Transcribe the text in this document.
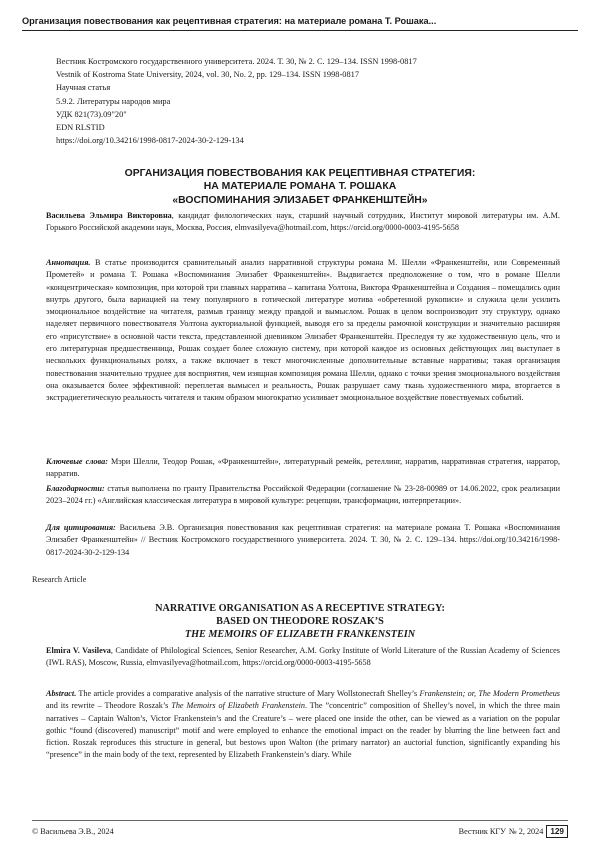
Организация повествования как рецептивная стратегия: на материале романа Т. Рошака...
Вестник Костромского государственного университета. 2024. Т. 30, № 2. С. 129–134. ISSN 1998-0817
Vestnik of Kostroma State University, 2024, vol. 30, No. 2, pp. 129–134. ISSN 1998-0817
Научная статья
5.9.2. Литературы народов мира
УДК 821(73).09"20"
EDN RLSTID
https://doi.org/10.34216/1998-0817-2024-30-2-129-134
ОРГАНИЗАЦИЯ ПОВЕСТВОВАНИЯ КАК РЕЦЕПТИВНАЯ СТРАТЕГИЯ:
НА МАТЕРИАЛЕ РОМАНА Т. РОШАКА
«ВОСПОМИНАНИЯ ЭЛИЗАБЕТ ФРАНКЕНШТЕЙН»

Васильева Эльмира Викторовна, кандидат филологических наук, старший научный сотрудник, Институт мировой литературы им. А.М. Горького Российской академии наук, Москва, Россия, elmvasilyeva@hotmail.com, https://orcid.org/0000-0003-4195-5658

Аннотация. В статье производится сравнительный анализ нарративной структуры романа М. Шелли «Франкенштейн, или Современный Прометей» и романа Т. Рошака «Воспоминания Элизабет Франкенштейн». Выдвигается предположение о том, что в романе Шелли «концентрическая» композиция, при которой три главных нарратива – капитана Уолтона, Виктора Франкенштейна и Создания – помещались один внутрь другого, была вариацией на тему популярного в готической литературе мотива «обретенной рукописи» и служила цели усилить эмоциональное воздействие на читателя, размыв границу между правдой и вымыслом. Рошак в целом воспроизводит эту структуру, однако наделяет первичного повествователя Уолтона аукториальной функцией, выводя его за пределы рамочной конструкции и значительно расширяя его «присутствие» в основной части текста, представленной дневником Элизабет Франкенштейн. Преследуя ту же художественную цель, что и его литературная предшественница, Рошак создает более сложную систему, при которой каждое из основных действующих лиц выступает в нескольких функциональных ролях, а также включает в текст многочисленные дополнительные вставные нарративы; такая организация повествования значительно труднее для восприятия, чем изящная композиция романа Шелли, однако с точки зрения эмоционального воздействия она оказывается более эффективной: переплетая вымысел и реальность, Рошак разрушает саму ткань художественного мира, вторгается в экстрадиегетическую реальность читателя и таким образом многократно усиливает эмоциональное воздействие повествуемых событий.

Ключевые слова: Мэри Шелли, Теодор Рошак, «Франкенштейн», литературный ремейк, ретеллинг, нарратив, нарративная стратегия, нарратор, нарратив.

Благодарности: статья выполнена по гранту Правительства Российской Федерации (соглашение № 23-28-00989 от 14.06.2022, срок реализации 2023–2024 гг.) «Английская классическая литература в мировой культуре: рецепции, трансформации, интерпретации».

Для цитирования: Васильева Э.В. Организация повествования как рецептивная стратегия: на материале романа Т. Рошака «Воспоминания Элизабет Франкенштейн» // Вестник Костромского государственного университета. 2024. Т. 30, № 2. С. 129–134. https://doi.org/10.34216/1998-0817-2024-30-2-129-134

Research Article
NARRATIVE ORGANISATION AS A RECEPTIVE STRATEGY:
BASED ON THEODORE ROSZAK’S
THE MEMOIRS OF ELIZABETH FRANKENSTEIN

Elmira V. Vasileva, Candidate of Philological Sciences, Senior Researcher, A.M. Gorky Institute of World Literature of the Russian Academy of Sciences (IWL RAS), Moscow, Russia, elmvasilyeva@hotmail.com, https://orcid.org/0000-0003-4195-5658

Abstract. The article provides a comparative analysis of the narrative structure of Mary Wollstonecraft Shelley’s Frankenstein; or, The Modern Prometheus and its rewrite – Theodore Roszak’s The Memoirs of Elizabeth Frankenstein. The ”concentric” composition of Shelley’s novel, in which the three main narratives – Captain Walton’s, Victor Frankenstein’s and the Creature’s – were placed one inside the other, can be viewed as a variation on the popular gothic “found (discovered) manuscript” motif and were employed to enhance the emotional impact on the reader by blurring the line between fact and fiction. Roszak reproduces this structure in general, but bestows upon Walton (the primary narrator) an auctorial function, significantly expanding his “presence” in the main body of the text, represented by Elizabeth Frankenstein’s diary. While

© Васильева Э.В., 2024	Вестник КГУ № 2, 2024 129
